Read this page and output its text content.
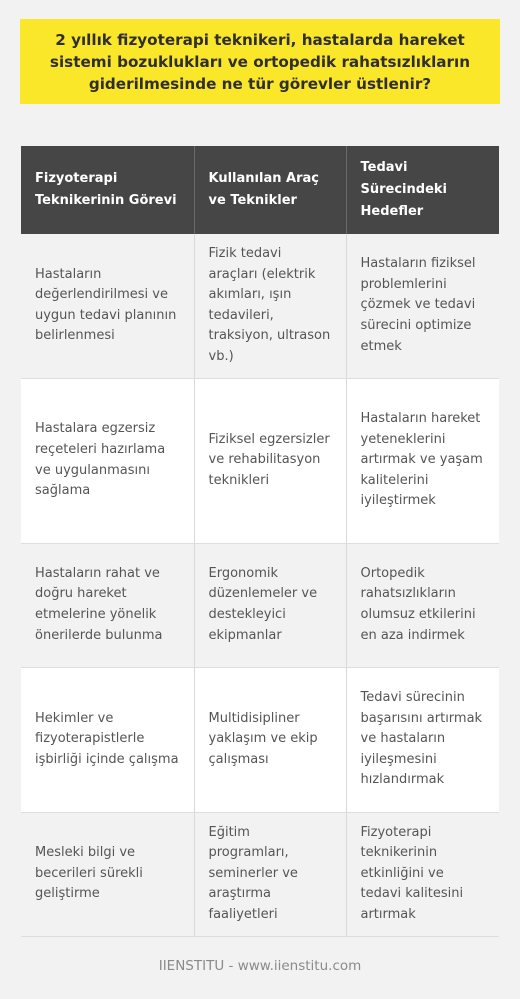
2 yıllık fizyoterapi teknikeri, hastalarda hareket sistemi bozuklukları ve ortopedik rahatsızlıkların giderilmesinde ne tür görevler üstlenir?
Fizyoterapi Teknikerinin Görevi	Kullanılan Araç ve Teknikler	Tedavi Sürecindeki Hedefler
Hastaların değerlendirilmesi ve uygun tedavi planının belirlenmesi	Fizik tedavi araçları (elektrik akımları, ışın tedavileri, traksiyon, ultrason vb.)	Hastaların fiziksel problemlerini çözmek ve tedavi sürecini optimize etmek
Hastalara egzersiz reçeteleri hazırlama ve uygulanmasını sağlama	Fiziksel egzersizler ve rehabilitasyon teknikleri	Hastaların hareket yeteneklerini artırmak ve yaşam kalitelerini iyileştirmek
Hastaların rahat ve doğru hareket etmelerine yönelik önerilerde bulunma	Ergonomik düzenlemeler ve destekleyici ekipmanlar	Ortopedik rahatsızlıkların olumsuz etkilerini en aza indirmek
Hekimler ve fizyoterapistlerle işbirliği içinde çalışma	Multidisipliner yaklaşım ve ekip çalışması	Tedavi sürecinin başarısını artırmak ve hastaların iyileşmesini hızlandırmak
Mesleki bilgi ve becerileri sürekli geliştirme	Eğitim programları, seminerler ve araştırma faaliyetleri	Fizyoterapi teknikerinin etkinliğini ve tedavi kalitesini artırmak
IIENSTITU - www.iienstitu.com
